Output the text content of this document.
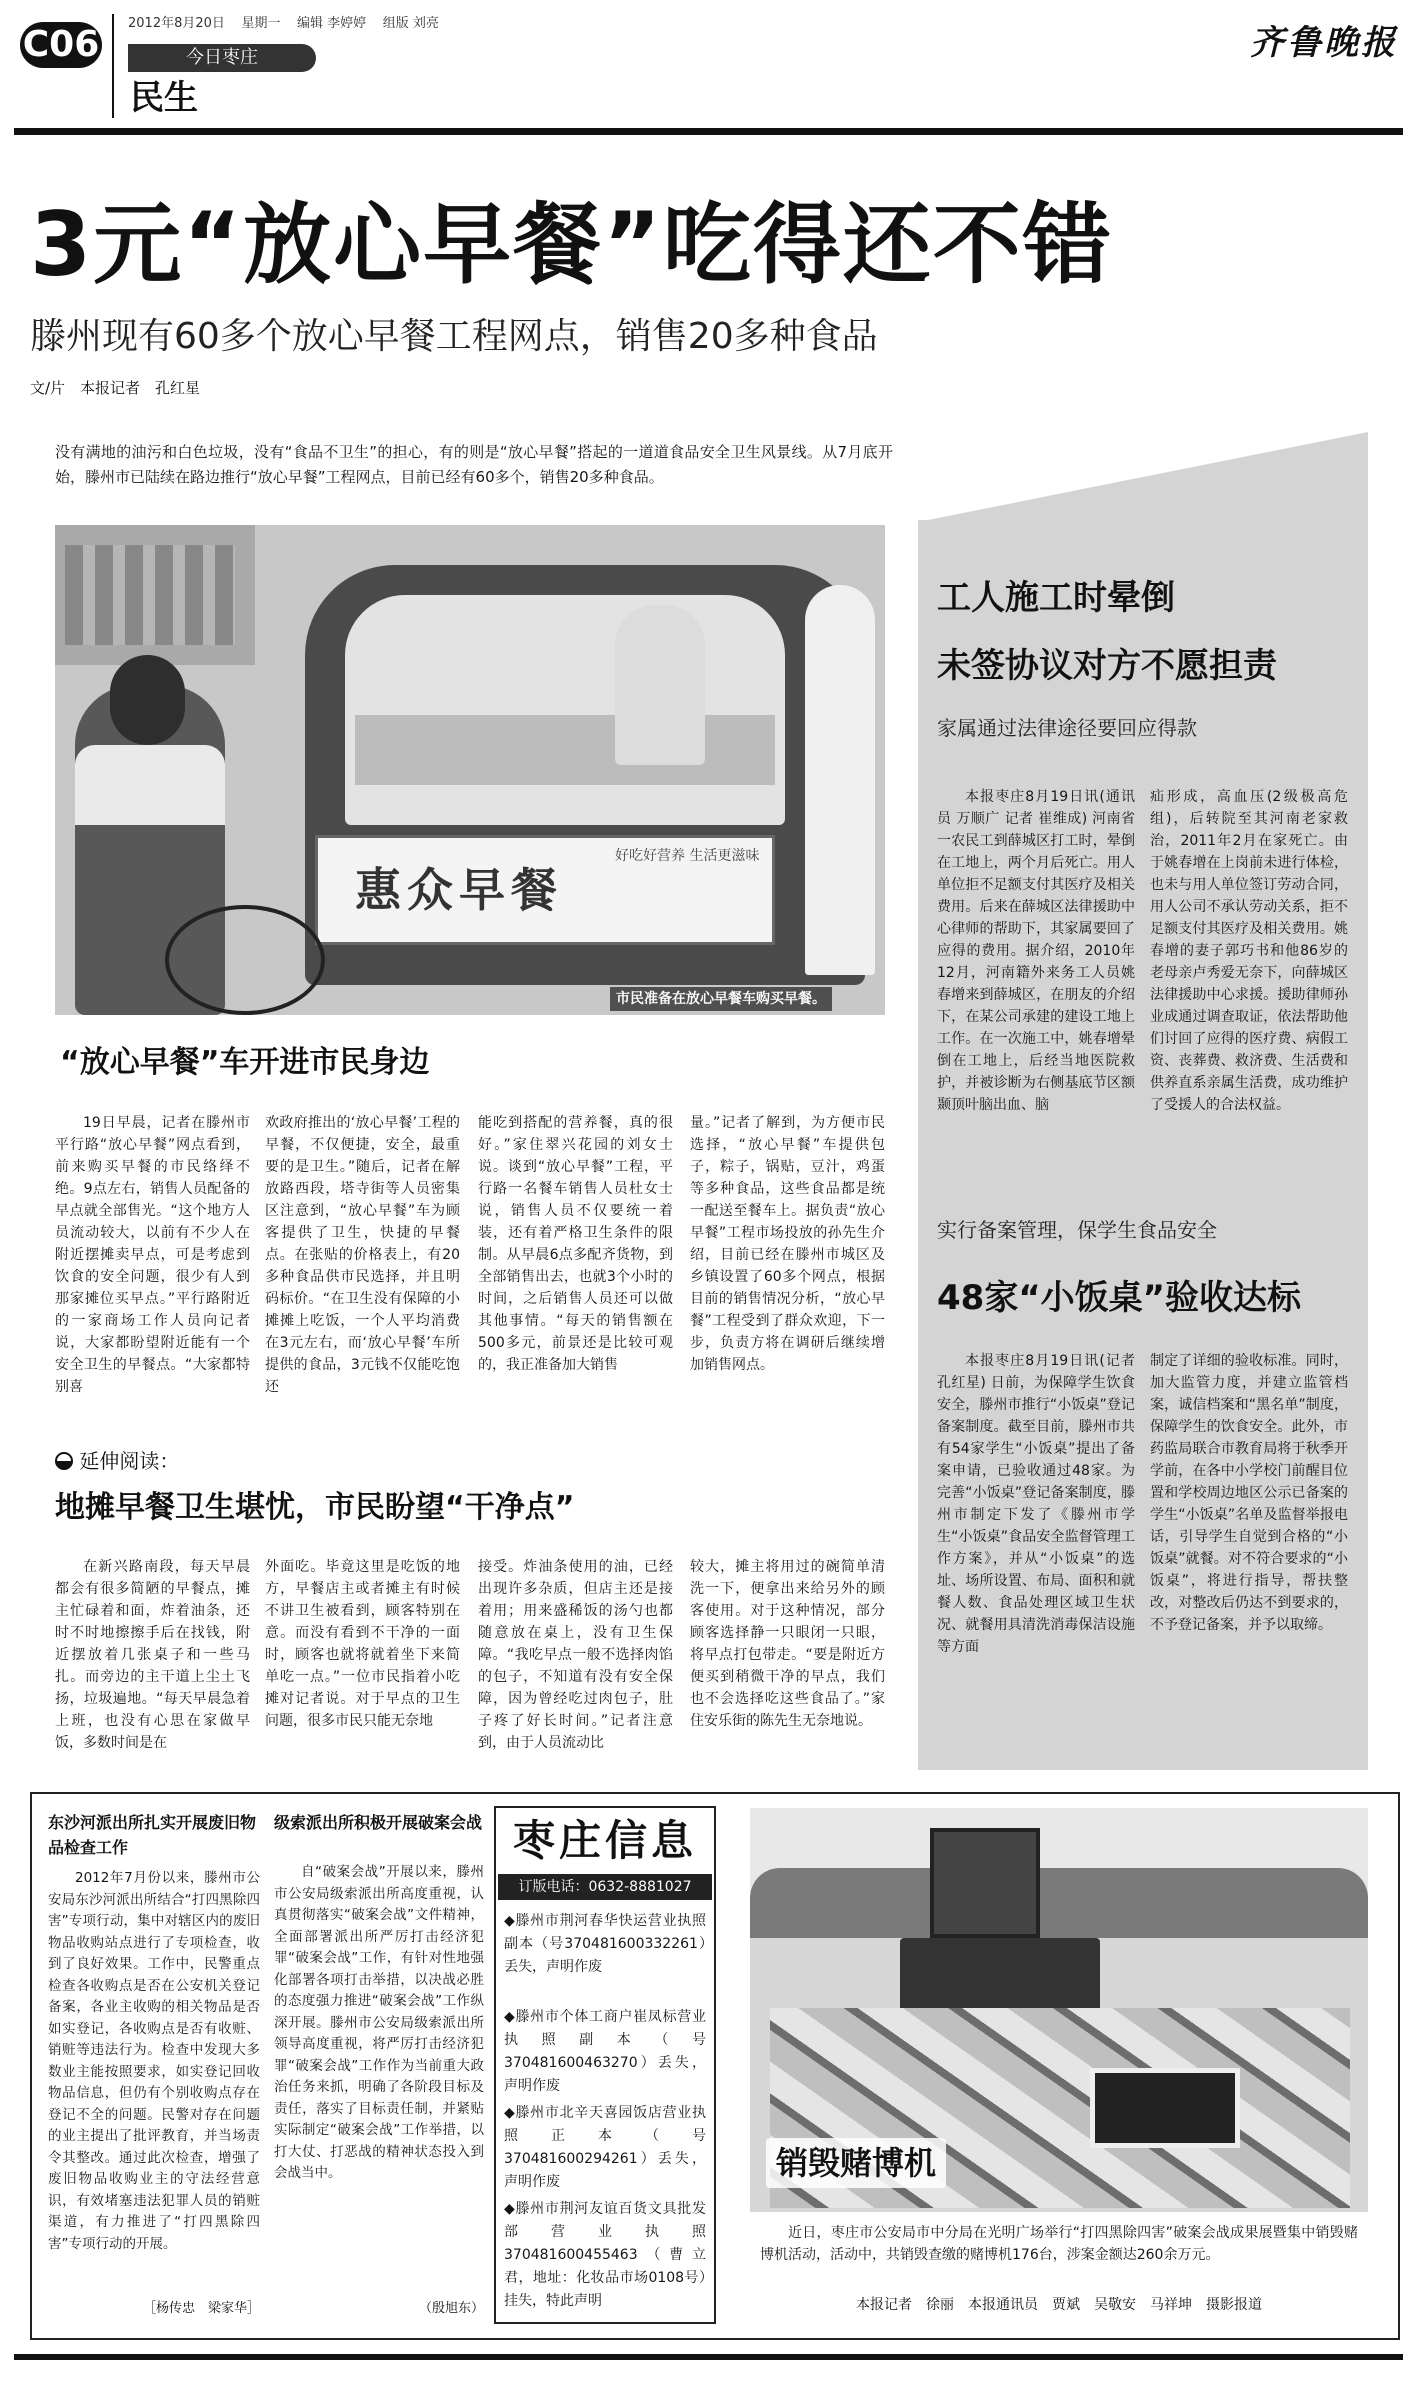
C06
2012年8月20日 星期一 编辑 李婷婷 组版 刘亮
今日枣庄
民生
齐鲁晚报
3元“放心早餐”吃得还不错
滕州现有60多个放心早餐工程网点，销售20多种食品
文/片　本报记者　孔红星
没有满地的油污和白色垃圾，没有“食品不卫生”的担心，有的则是“放心早餐”搭起的一道道食品安全卫生风景线。从7月底开始，滕州市已陆续在路边推行“放心早餐”工程网点，目前已经有60多个，销售20多种食品。
惠众早餐
好吃好营养 生活更滋味
市民准备在放心早餐车购买早餐。
“放心早餐”车开进市民身边
19日早晨，记者在滕州市平行路“放心早餐”网点看到，前来购买早餐的市民络绎不绝。9点左右，销售人员配备的早点就全部售光。“这个地方人员流动较大，以前有不少人在附近摆摊卖早点，可是考虑到饮食的安全问题，很少有人到那家摊位买早点。”平行路附近的一家商场工作人员向记者说，大家都盼望附近能有一个安全卫生的早餐点。“大家都特别喜
欢政府推出的‘放心早餐’工程的早餐，不仅便捷，安全，最重要的是卫生。”随后，记者在解放路西段，塔寺街等人员密集区注意到，“放心早餐”车为顾客提供了卫生，快捷的早餐点。在张贴的价格表上，有20多种食品供市民选择，并且明码标价。“在卫生没有保障的小摊摊上吃饭，一个人平均消费在3元左右，而‘放心早餐’车所提供的食品，3元钱不仅能吃饱还
能吃到搭配的营养餐，真的很好。”家住翠兴花园的刘女士说。谈到“放心早餐”工程，平行路一名餐车销售人员杜女士说，销售人员不仅要统一着装，还有着严格卫生条件的限制。从早晨6点多配齐货物，到全部销售出去，也就3个小时的时间，之后销售人员还可以做其他事情。“每天的销售额在500多元，前景还是比较可观的，我正准备加大销售
量。”记者了解到，为方便市民选择，“放心早餐”车提供包子，粽子，锅贴，豆汁，鸡蛋等多种食品，这些食品都是统一配送至餐车上。据负责“放心早餐”工程市场投放的孙先生介绍，目前已经在滕州市城区及乡镇设置了60多个网点，根据目前的销售情况分析，“放心早餐”工程受到了群众欢迎，下一步，负责方将在调研后继续增加销售网点。
延伸阅读：
地摊早餐卫生堪忧，市民盼望“干净点”
在新兴路南段，每天早晨都会有很多简陋的早餐点，摊主忙碌着和面，炸着油条，还时不时地擦擦手后在找钱，附近摆放着几张桌子和一些马扎。而旁边的主干道上尘土飞扬，垃圾遍地。“每天早晨急着上班，也没有心思在家做早饭，多数时间是在
外面吃。毕竟这里是吃饭的地方，早餐店主或者摊主有时候不讲卫生被看到，顾客特别在意。而没有看到不干净的一面时，顾客也就将就着坐下来简单吃一点。”一位市民指着小吃摊对记者说。对于早点的卫生问题，很多市民只能无奈地
接受。炸油条使用的油，已经出现许多杂质，但店主还是接着用；用来盛稀饭的汤勺也都随意放在桌上，没有卫生保障。“我吃早点一般不选择肉馅的包子，不知道有没有安全保障，因为曾经吃过肉包子，肚子疼了好长时间。”记者注意到，由于人员流动比
较大，摊主将用过的碗简单清洗一下，便拿出来给另外的顾客使用。对于这种情况，部分顾客选择静一只眼闭一只眼，将早点打包带走。“要是附近方便买到稍微干净的早点，我们也不会选择吃这些食品了。”家住安乐街的陈先生无奈地说。
工人施工时晕倒
未签协议对方不愿担责
家属通过法律途径要回应得款
本报枣庄8月19日讯(通讯员 万顺广 记者 崔维成) 河南省一农民工到薛城区打工时，晕倒在工地上，两个月后死亡。用人单位拒不足额支付其医疗及相关费用。后来在薛城区法律援助中心律师的帮助下，其家属要回了应得的费用。据介绍，2010年12月，河南籍外来务工人员姚春增来到薛城区，在朋友的介绍下，在某公司承建的建设工地上工作。在一次施工中，姚春增晕倒在工地上，后经当地医院救护，并被诊断为右侧基底节区额颞顶叶脑出血、脑
疝形成，高血压(2级极高危组)，后转院至其河南老家救治，2011年2月在家死亡。由于姚春增在上岗前未进行体检，也未与用人单位签订劳动合同，用人公司不承认劳动关系，拒不足额支付其医疗及相关费用。姚春增的妻子郭巧书和他86岁的老母亲卢秀爱无奈下，向薛城区法律援助中心求援。援助律师孙业成通过调查取证，依法帮助他们讨回了应得的医疗费、病假工资、丧葬费、救济费、生活费和供养直系亲属生活费，成功维护了受援人的合法权益。
实行备案管理，保学生食品安全
48家“小饭桌”验收达标
本报枣庄8月19日讯(记者 孔红星) 日前，为保障学生饮食安全，滕州市推行“小饭桌”登记备案制度。截至目前，滕州市共有54家学生“小饭桌”提出了备案申请，已验收通过48家。为完善“小饭桌”登记备案制度，滕州市制定下发了《滕州市学生“小饭桌”食品安全监督管理工作方案》，并从“小饭桌”的选址、场所设置、布局、面积和就餐人数、食品处理区域卫生状况、就餐用具清洗消毒保洁设施等方面
制定了详细的验收标准。同时，加大监管力度，并建立监管档案，诚信档案和“黑名单”制度，保障学生的饮食安全。此外，市药监局联合市教育局将于秋季开学前，在各中小学校门前醒目位置和学校周边地区公示已备案的学生“小饭桌”名单及监督举报电话，引导学生自觉到合格的“小饭桌”就餐。对不符合要求的“小饭桌”，将进行指导，帮扶整改，对整改后仍达不到要求的，不予登记备案，并予以取缔。
东沙河派出所扎实开展废旧物品检查工作
2012年7月份以来，滕州市公安局东沙河派出所结合“打四黑除四害”专项行动，集中对辖区内的废旧物品收购站点进行了专项检查，收到了良好效果。工作中，民警重点检查各收购点是否在公安机关登记备案，各业主收购的相关物品是否如实登记，各收购点是否有收赃、销赃等违法行为。检查中发现大多数业主能按照要求，如实登记回收物品信息，但仍有个别收购点存在登记不全的问题。民警对存在问题的业主提出了批评教育，并当场责令其整改。通过此次检查，增强了废旧物品收购业主的守法经营意识，有效堵塞违法犯罪人员的销赃渠道，有力推进了“打四黑除四害”专项行动的开展。
［杨传忠　梁家华］
级索派出所积极开展破案会战
自“破案会战”开展以来，滕州市公安局级索派出所高度重视，认真贯彻落实“破案会战”文件精神，全面部署派出所严厉打击经济犯罪“破案会战”工作，有针对性地强化部署各项打击举措，以决战必胜的态度强力推进“破案会战”工作纵深开展。滕州市公安局级索派出所领导高度重视，将严厉打击经济犯罪“破案会战”工作作为当前重大政治任务来抓，明确了各阶段目标及责任，落实了目标责任制，并紧贴实际制定“破案会战”工作举措，以打大仗、打恶战的精神状态投入到会战当中。
（殷旭东）
枣庄信息
订版电话：0632-8881027
◆滕州市荆河春华快运营业执照副本（号370481600332261）丢失，声明作废
◆滕州市个体工商户崔凤标营业执照副本（号370481600463270）丢失，声明作废
◆滕州市北辛天喜园饭店营业执照正本（号370481600294261）丢失，声明作废
◆滕州市荆河友谊百货文具批发部营业执照370481600455463（曹立君，地址：化妆品市场0108号）挂失，特此声明
销毁赌博机
近日，枣庄市公安局市中分局在光明广场举行“打四黑除四害”破案会战成果展暨集中销毁赌博机活动，活动中，共销毁查缴的赌博机176台，涉案金额达260余万元。
本报记者　徐丽　本报通讯员　贾斌　吴敬安　马祥坤　摄影报道
